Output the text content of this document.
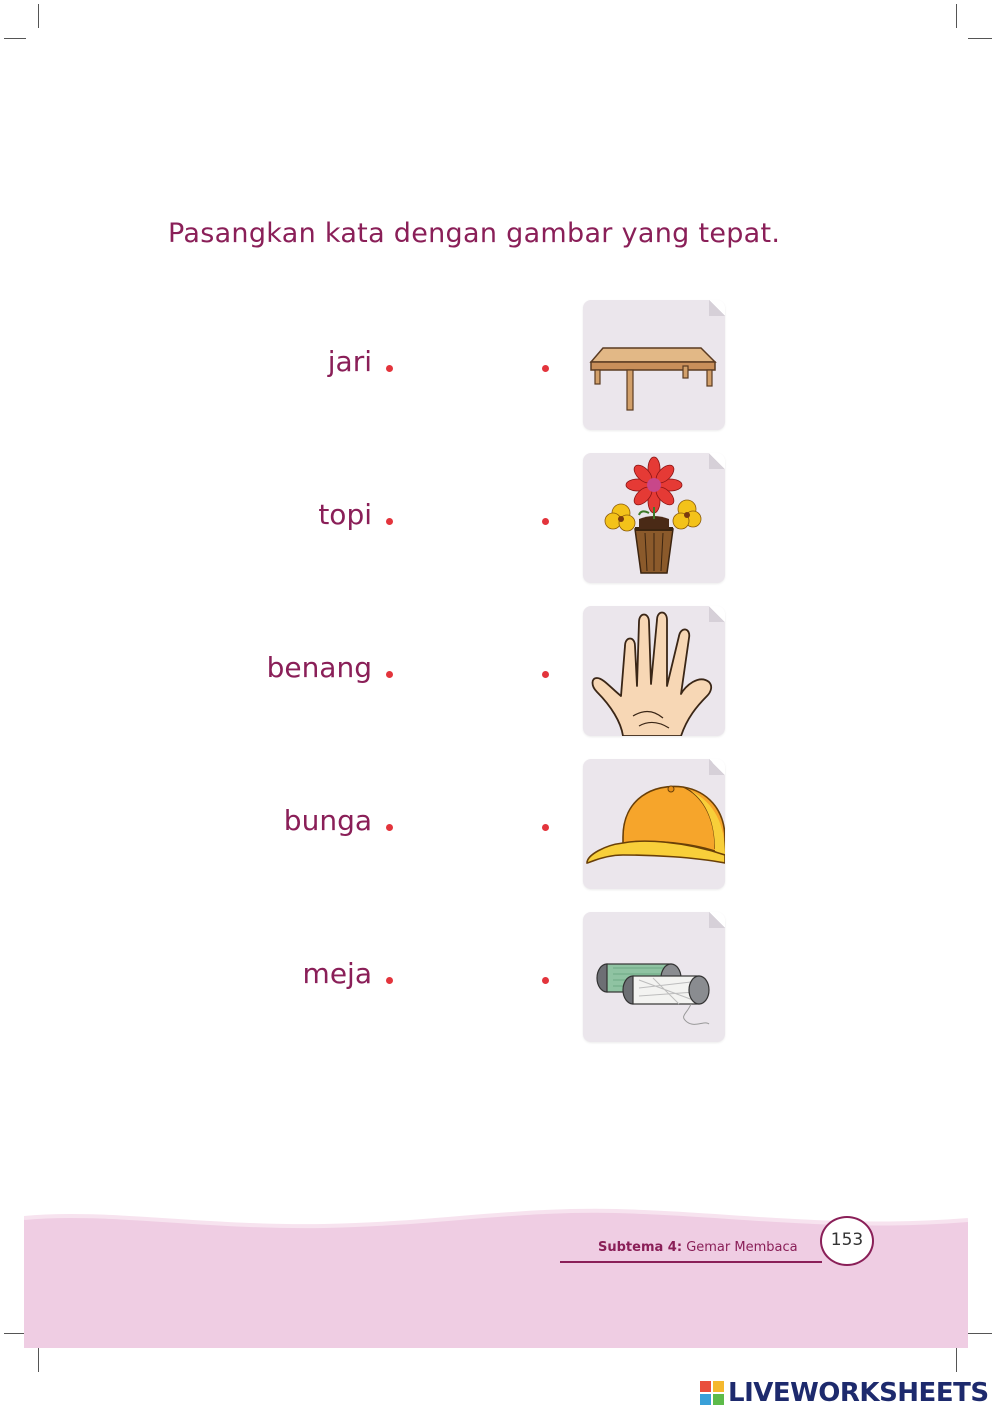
Pasangkan kata dengan gambar yang tepat.
jari
topi
benang
bunga
meja
Subtema 4: Gemar Membaca	153
LIVEWORKSHEETS
